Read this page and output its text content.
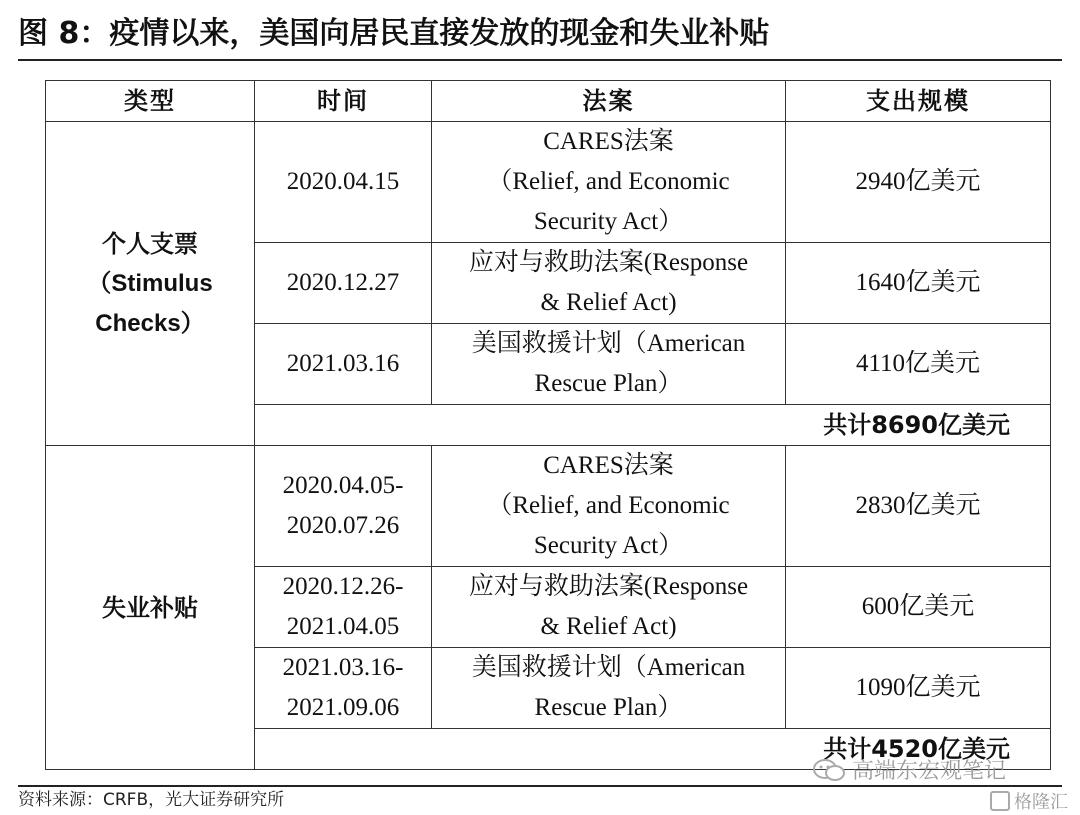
图 8：疫情以来，美国向居民直接发放的现金和失业补贴
类型	时间	法案	支出规模

个人支票
（Stimulus
Checks）	2020.04.15	CARES法案
（Relief, and Economic
Security Act）	2940亿美元

	2020.12.27	应对与救助法案(Response
& Relief Act)	1640亿美元

	2021.03.16	美国救援计划（American
Rescue Plan）	4110亿美元
			共计8690亿美元

失业补贴	2020.04.05-
2020.07.26	CARES法案
（Relief, and Economic
Security Act）	2830亿美元

	2020.12.26-
2021.04.05	应对与救助法案(Response
& Relief Act)	600亿美元

	2021.03.16-
2021.09.06	美国救援计划（American
Rescue Plan）	1090亿美元
			共计4520亿美元
高端东宏观笔记
资料来源：CRFB，光大证券研究所	格隆汇
